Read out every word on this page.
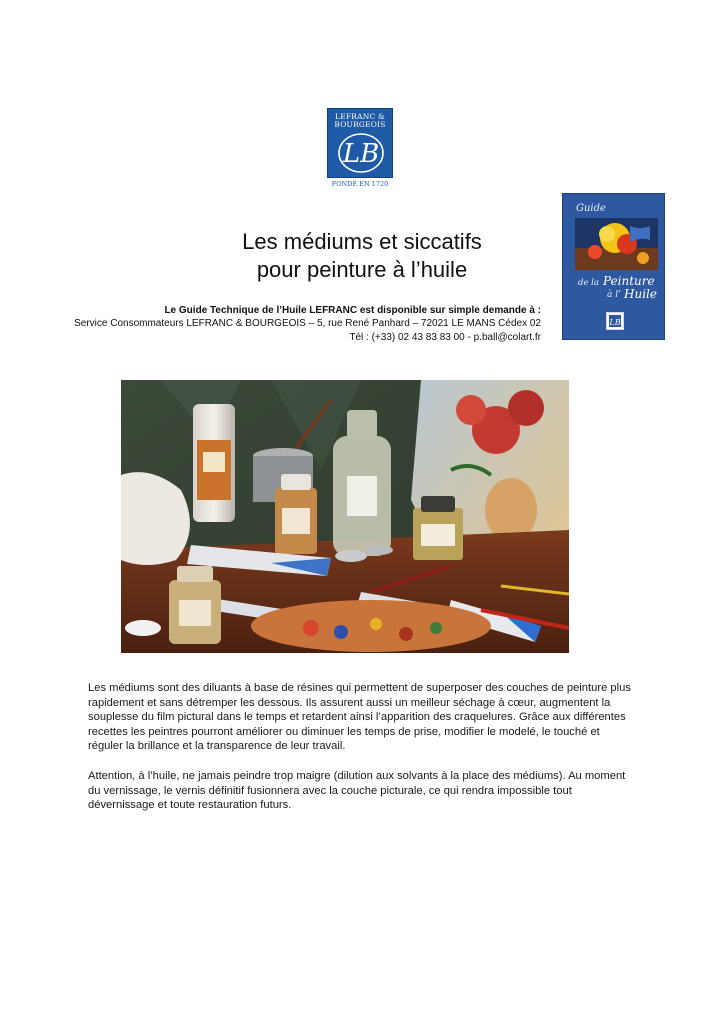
LEFRANC &
BOURGEOIS
LB
FONDÉ EN 1720
Guide
de la Peinture
à l’ Huile
LB
Les médiums et siccatifs
pour peinture à l’huile
Le Guide Technique de l’Huile LEFRANC est disponible sur simple demande à :
Service Consommateurs LEFRANC & BOURGEOIS – 5, rue René Panhard – 72021 LE MANS Cédex 02
Tél : (+33) 02 43 83 83 00 - p.ball@colart.fr

Les médiums sont des diluants à base de résines qui permettent de superposer des couches de peinture plus rapidement et sans détremper les dessous. Ils assurent aussi un meilleur séchage à cœur, augmentent la souplesse du film pictural dans le temps et retardent ainsi l’apparition des craquelures. Grâce aux différentes recettes les peintres pourront améliorer ou diminuer les temps de prise, modifier le modelé, le touché et réguler la brillance et la transparence de leur travail.

Attention, à l’huile, ne jamais peindre trop maigre (dilution aux solvants à la place des médiums). Au moment du vernissage, le vernis définitif fusionnera avec la couche picturale, ce qui rendra impossible tout dévernissage et toute restauration futurs.
